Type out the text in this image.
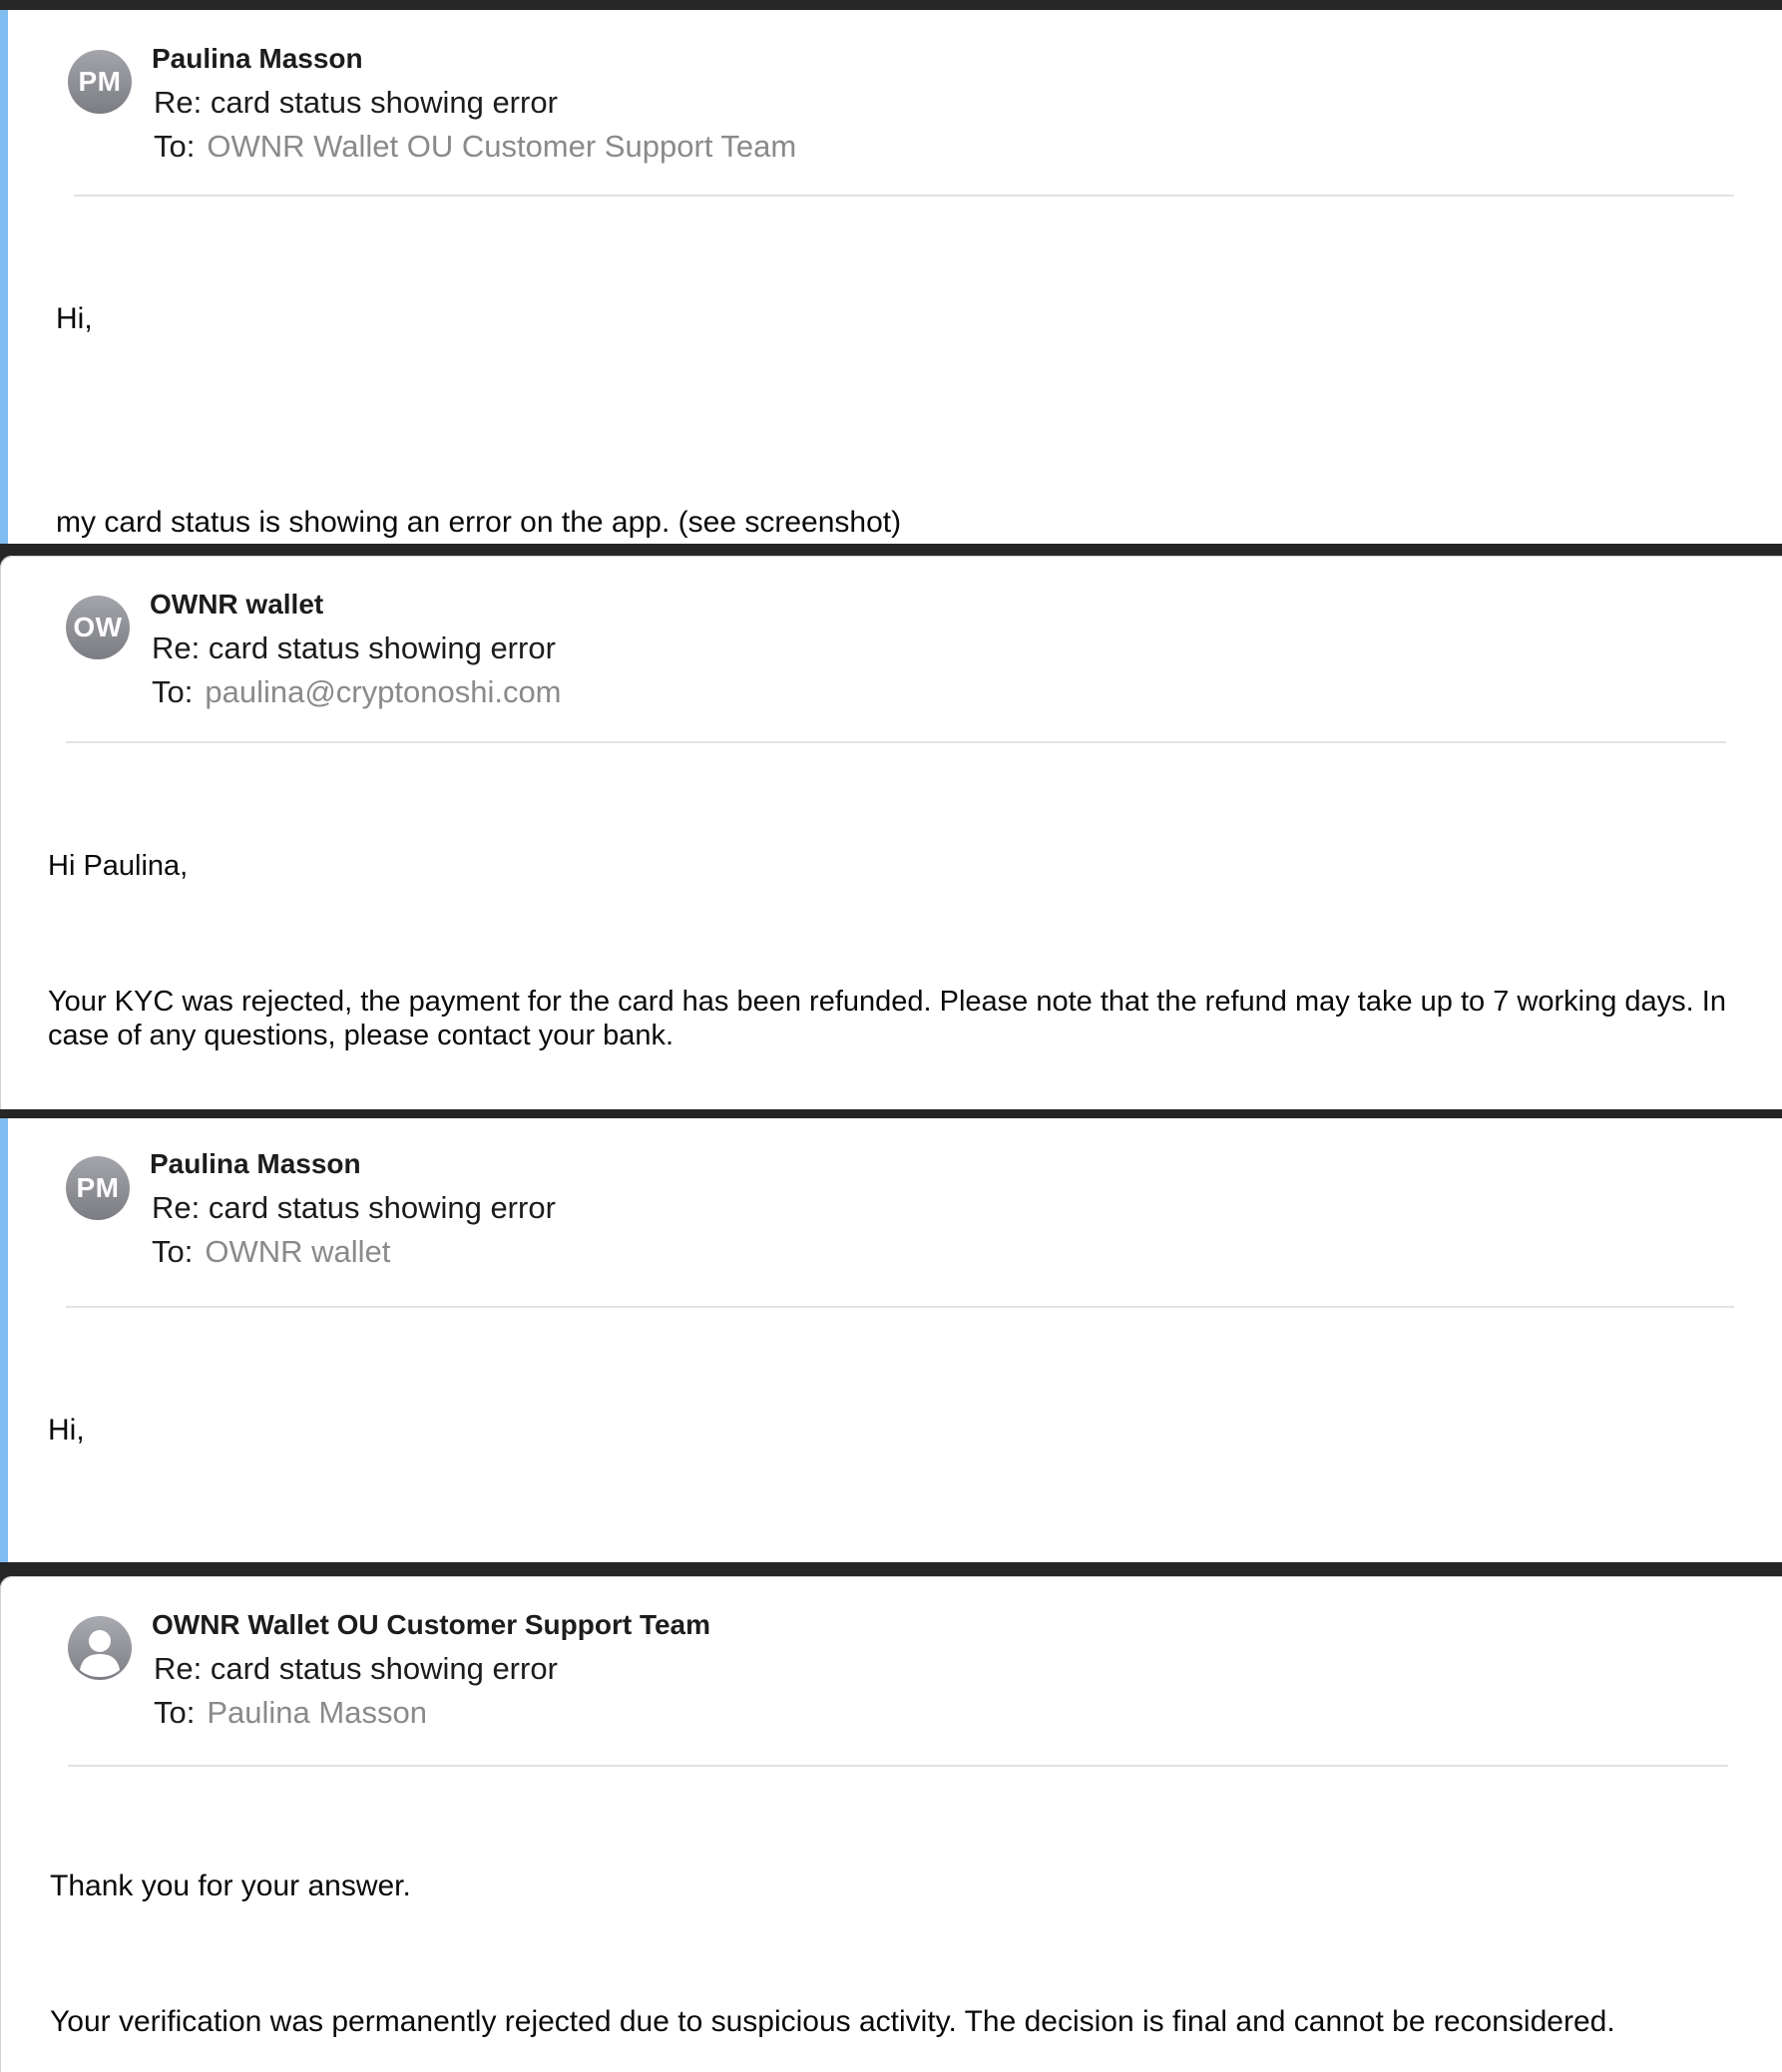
PM
Paulina Masson
Re: card status showing error
To: OWNR Wallet OU Customer Support Team

Hi,

my card status is showing an error on the app. (see screenshot)

OW
OWNR wallet
Re: card status showing error
To: paulina@cryptonoshi.com

Hi Paulina,

Your KYC was rejected, the payment for the card has been refunded. Please note that the refund may take up to 7 working days. In case of any questions, please contact your bank.

PM
Paulina Masson
Re: card status showing error
To: OWNR wallet

Hi,

OWNR Wallet OU Customer Support Team
Re: card status showing error
To: Paulina Masson

Thank you for your answer.

Your verification was permanently rejected due to suspicious activity. The decision is final and cannot be reconsidered.
